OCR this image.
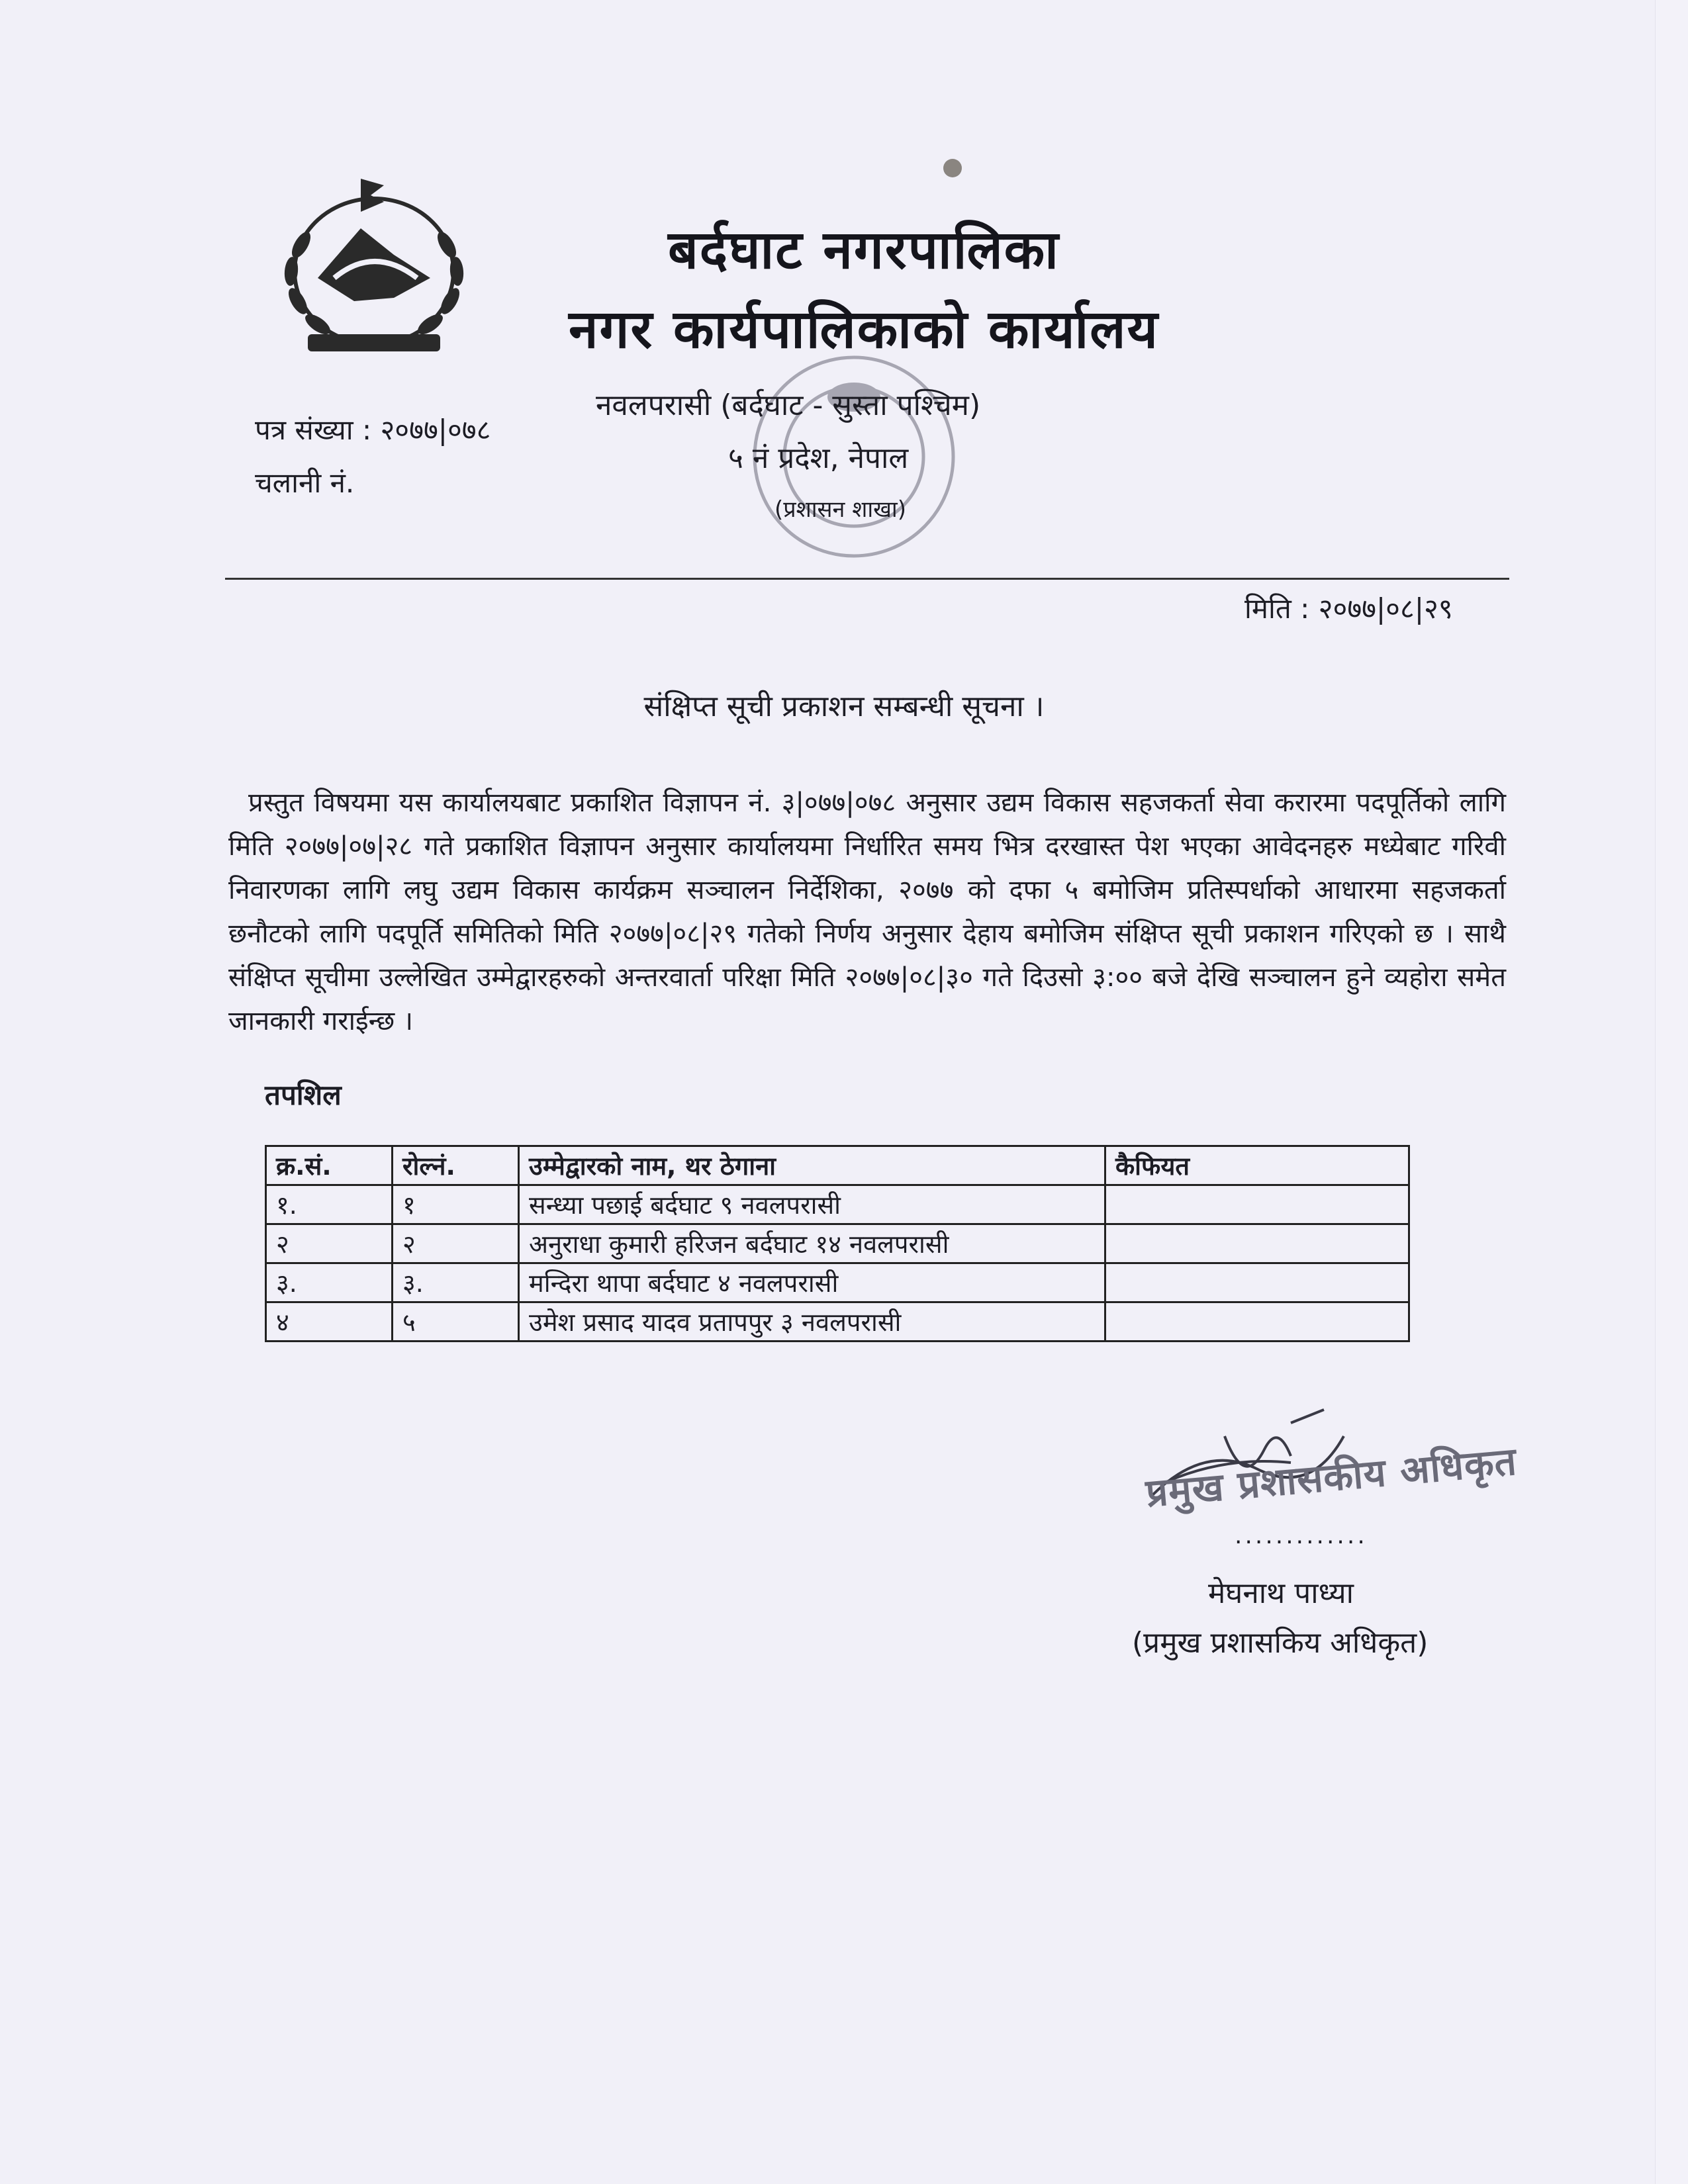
बर्दघाट नगरपालिका
नगर कार्यपालिकाको कार्यालय
नवलपरासी (बर्दघाट - सुस्ता पश्चिम)
५ नं प्रदेश, नेपाल
(प्रशासन शाखा)
पत्र संख्या : २०७७|०७८
चलानी नं.
मिति : २०७७|०८|२९
संक्षिप्त सूची प्रकाशन सम्बन्धी सूचना ।
प्रस्तुत विषयमा यस कार्यालयबाट प्रकाशित विज्ञापन नं. ३|०७७|०७८ अनुसार उद्यम विकास सहजकर्ता सेवा करारमा पदपूर्तिको लागि मिति २०७७|०७|२८ गते प्रकाशित विज्ञापन अनुसार कार्यालयमा निर्धारित समय भित्र दरखास्त पेश भएका आवेदनहरु मध्येबाट गरिवी निवारणका लागि लघु उद्यम विकास कार्यक्रम सञ्चालन निर्देशिका, २०७७ को दफा ५ बमोजिम प्रतिस्पर्धाको आधारमा सहजकर्ता छनौटको लागि पदपूर्ति समितिको मिति २०७७|०८|२९ गतेको निर्णय अनुसार देहाय बमोजिम संक्षिप्त सूची प्रकाशन गरिएको छ । साथै संक्षिप्त सूचीमा उल्लेखित उम्मेद्वारहरुको अन्तरवार्ता परिक्षा मिति २०७७|०८|३० गते दिउसो ३:०० बजे देखि सञ्चालन हुने व्यहोरा समेत जानकारी गराईन्छ ।
तपशिल
क्र.सं.	रोल्नं.	उम्मेद्वारको नाम, थर ठेगाना	कैफियत
१.	१	सन्ध्या पछाई बर्दघाट ९ नवलपरासी	
२	२	अनुराधा कुमारी हरिजन बर्दघाट १४ नवलपरासी	
३.	३.	मन्दिरा थापा बर्दघाट ४ नवलपरासी	
४	५	उमेश प्रसाद यादव प्रतापपुर ३ नवलपरासी	
प्रमुख प्रशासकीय अधिकृत
.............
मेघनाथ पाध्या
(प्रमुख प्रशासकिय अधिकृत)
